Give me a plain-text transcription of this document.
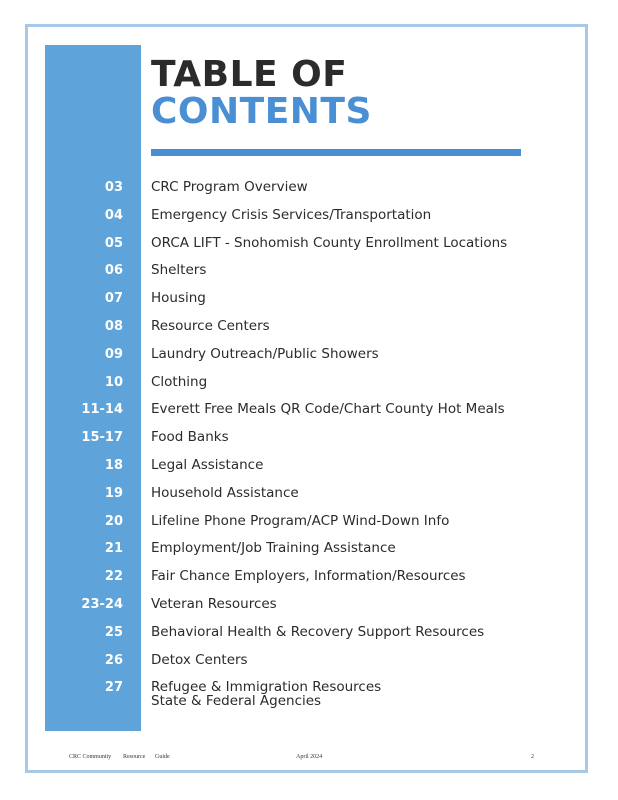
TABLE OF
CONTENTS
03 CRC Program Overview
04 Emergency Crisis Services/Transportation
05 ORCA LIFT - Snohomish County Enrollment Locations
06 Shelters
07 Housing
08 Resource Centers
09 Laundry Outreach/Public Showers
10 Clothing
11-14 Everett Free Meals QR Code/Chart County Hot Meals
15-17 Food Banks
18 Legal Assistance
19 Household Assistance
20 Lifeline Phone Program/ACP Wind-Down Info
21 Employment/Job Training Assistance
22 Fair Chance Employers, Information/Resources
23-24 Veteran Resources
25 Behavioral Health & Recovery Support Resources
26 Detox Centers
27 Refugee & Immigration Resources
State & Federal Agencies
CRC Community Resource Guide	April 2024	2
